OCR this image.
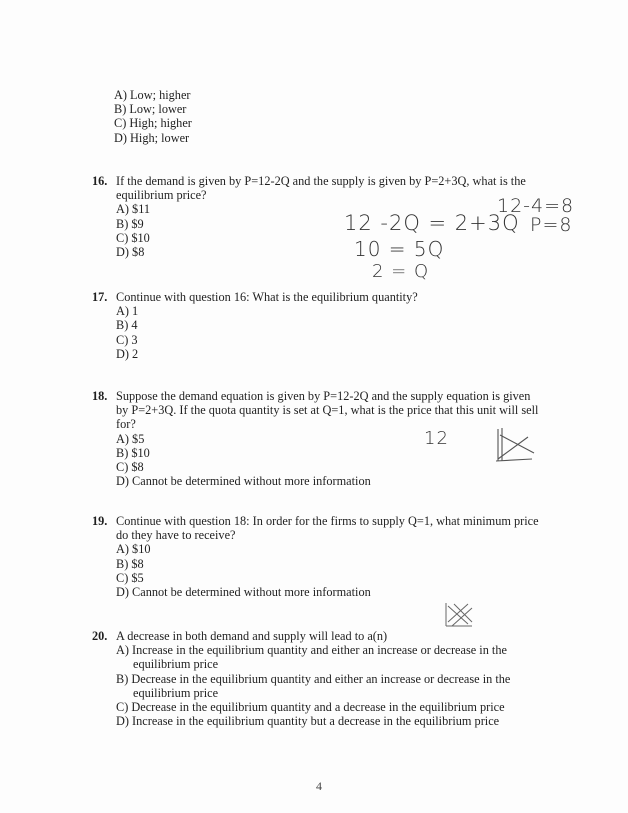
A) Low; higher
B) Low; lower
C) High; higher
D) High; lower
16. If the demand is given by P=12-2Q and the supply is given by P=2+3Q, what is the equilibrium price?
A) $11
B) $9
C) $10
D) $8
12 -2Q = 2+3Q
10 = 5Q
2 = Q
12-4=8
P=8
17. Continue with question 16: What is the equilibrium quantity?
A) 1
B) 4
C) 3
D) 2
18. Suppose the demand equation is given by P=12-2Q and the supply equation is given by P=2+3Q. If the quota quantity is set at Q=1, what is the price that this unit will sell for?
A) $5
B) $10
C) $8
D) Cannot be determined without more information
12
19. Continue with question 18: In order for the firms to supply Q=1, what minimum price do they have to receive?
A) $10
B) $8
C) $5
D) Cannot be determined without more information
20. A decrease in both demand and supply will lead to a(n)
A) Increase in the equilibrium quantity and either an increase or decrease in the equilibrium price
B) Decrease in the equilibrium quantity and either an increase or decrease in the equilibrium price
C) Decrease in the equilibrium quantity and a decrease in the equilibrium price
D) Increase in the equilibrium quantity but a decrease in the equilibrium price
4
